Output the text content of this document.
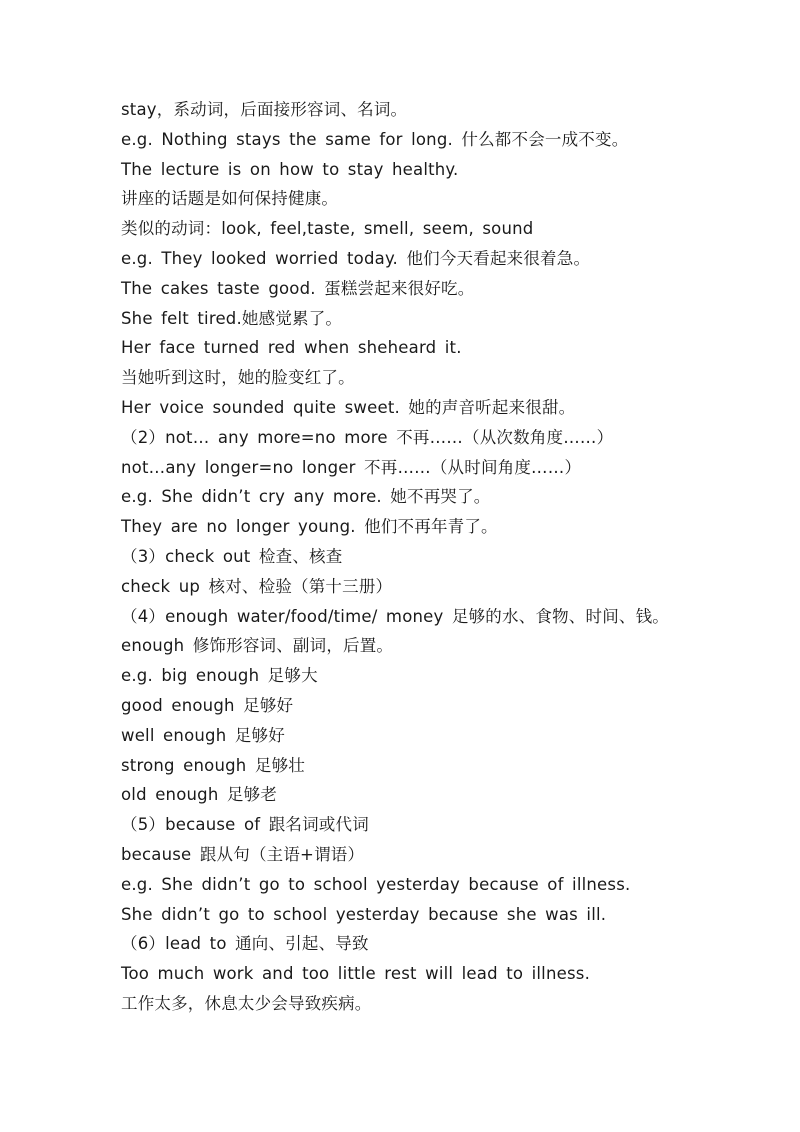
stay，系动词，后面接形容词、名词。
e.g. Nothing stays the same for long. 什么都不会一成不变。
The lecture is on how to stay healthy.
讲座的话题是如何保持健康。
类似的动词：look, feel,taste, smell, seem, sound
e.g. They looked worried today. 他们今天看起来很着急。
The cakes taste good. 蛋糕尝起来很好吃。
She felt tired.她感觉累了。
Her face turned red when sheheard it.
当她听到这时，她的脸变红了。
Her voice sounded quite sweet. 她的声音听起来很甜。
（2）not… any more=no more 不再……（从次数角度……）
not…any longer=no longer 不再……（从时间角度……）
e.g. She didn’t cry any more. 她不再哭了。
They are no longer young. 他们不再年青了。
（3）check out 检查、核查
check up 核对、检验（第十三册）
（4）enough water/food/time/ money 足够的水、食物、时间、钱。
enough 修饰形容词、副词，后置。
e.g. big enough 足够大
good enough 足够好
well enough 足够好
strong enough 足够壮
old enough 足够老
（5）because of 跟名词或代词
because 跟从句（主语+谓语）
e.g. She didn’t go to school yesterday because of illness.
She didn’t go to school yesterday because she was ill.
（6）lead to 通向、引起、导致
Too much work and too little rest will lead to illness.
工作太多，休息太少会导致疾病。
